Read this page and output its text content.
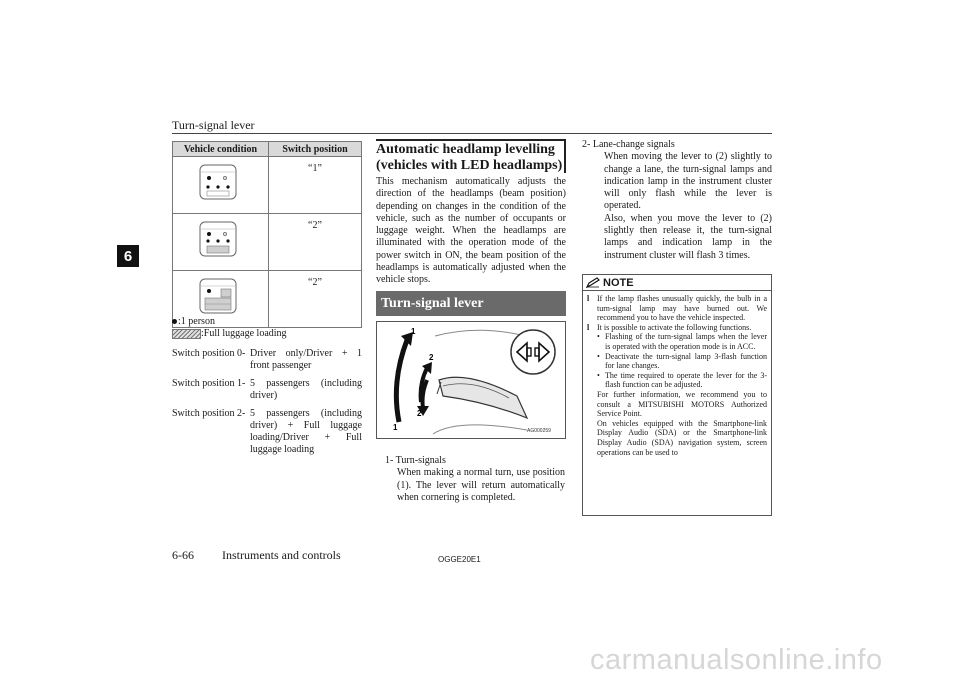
Turn-signal lever
6
Vehicle condition	Switch position

	“1”

	“2”

	“2”
:1 person
:Full luggage loading
Switch position 0- Driver only/Driver + 1 front passenger
Switch position 1- 5 passengers (including driver)
Switch position 2- 5 passengers (including driver) + Full luggage loading/Driver + Full luggage loading
Automatic headlamp levelling (vehicles with LED headlamps)
This mechanism automatically adjusts the direction of the headlamps (beam position) depending on changes in the condition of the vehicle, such as the number of occupants or luggage weight. When the headlamps are illuminated with the operation mode of the power switch in ON, the beam position of the headlamps is automatically adjusted when the vehicle stops.
Turn-signal lever
1
2
2
1	AG000259
1- Turn-signals
When making a normal turn, use position (1). The lever will return automatically when cornering is completed.
2- Lane-change signals
When moving the lever to (2) slightly to change a lane, the turn-signal lamps and indication lamp in the instrument cluster will only flash while the lever is operated.
Also, when you move the lever to (2) slightly then release it, the turn-signal lamps and indication lamp in the instrument cluster will flash 3 times.
NOTE
l If the lamp flashes unusually quickly, the bulb in a turn-signal lamp may have burned out. We recommend you to have the vehicle inspected.
l It is possible to activate the following functions.
• Flashing of the turn-signal lamps when the lever is operated with the operation mode is in ACC.
• Deactivate the turn-signal lamp 3-flash function for lane changes.
• The time required to operate the lever for the 3-flash function can be adjusted.
For further information, we recommend you to consult a MITSUBISHI MOTORS Authorized Service Point.
On vehicles equipped with the Smartphone-link Display Audio (SDA) or the Smartphone-link Display Audio (SDA) navigation system, screen operations can be used to
6-66 Instruments and controls	OGGE20E1
carmanualsonline.info
